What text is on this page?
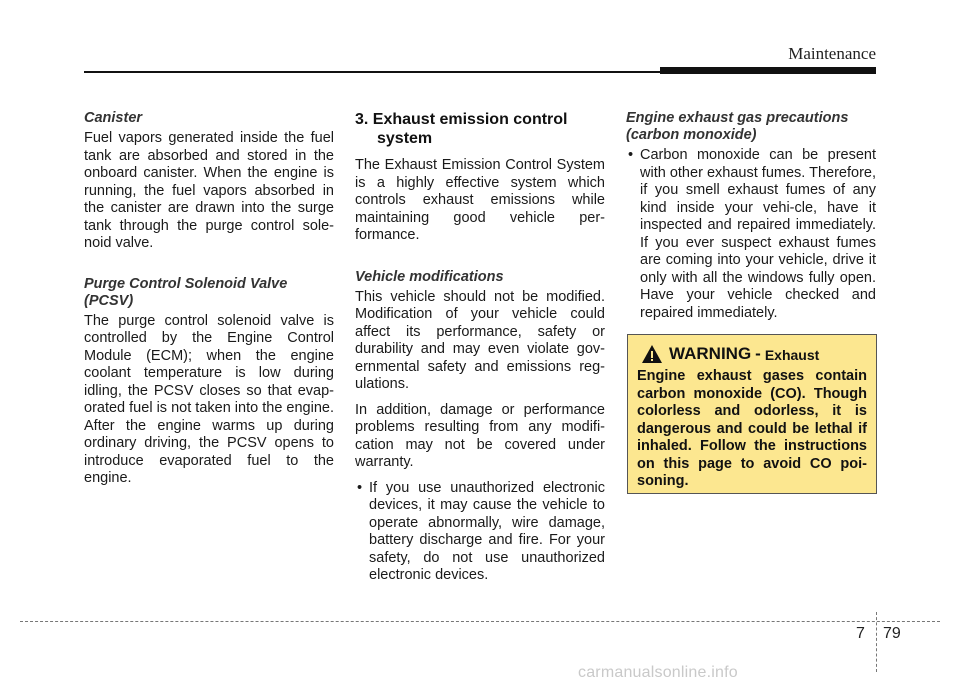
Maintenance
Canister

Fuel vapors generated inside the fuel tank are absorbed and stored in the onboard canister. When the engine is running, the fuel vapors absorbed in the canister are drawn into the surge tank through the purge control sole-noid valve.

Purge Control Solenoid Valve (PCSV)

The purge control solenoid valve is controlled by the Engine Control Module (ECM); when the engine coolant temperature is low during idling, the PCSV closes so that evap-orated fuel is not taken into the engine. After the engine warms up during ordinary driving, the PCSV opens to introduce evaporated fuel to the engine.

3. Exhaust emission control system

The Exhaust Emission Control System is a highly effective system which controls exhaust emissions while maintaining good vehicle per-formance.

Vehicle modifications

This vehicle should not be modified. Modification of your vehicle could affect its performance, safety or durability and may even violate gov-ernmental safety and emissions reg-ulations.

In addition, damage or performance problems resulting from any modifi-cation may not be covered under warranty.

• If you use unauthorized electronic devices, it may cause the vehicle to operate abnormally, wire damage, battery discharge and fire. For your safety, do not use unauthorized electronic devices.
Engine exhaust gas precautions (carbon monoxide)
• Carbon monoxide can be present with other exhaust fumes. Therefore, if you smell exhaust fumes of any kind inside your vehi-cle, have it inspected and repaired immediately. If you ever suspect exhaust fumes are coming into your vehicle, drive it only with all the windows fully open. Have your vehicle checked and repaired immediately.
WARNING - Exhaust
Engine exhaust gases contain carbon monoxide (CO). Though colorless and odorless, it is dangerous and could be lethal if inhaled. Follow the instructions on this page to avoid CO poi-soning.
7 79
carmanualsonline.info
